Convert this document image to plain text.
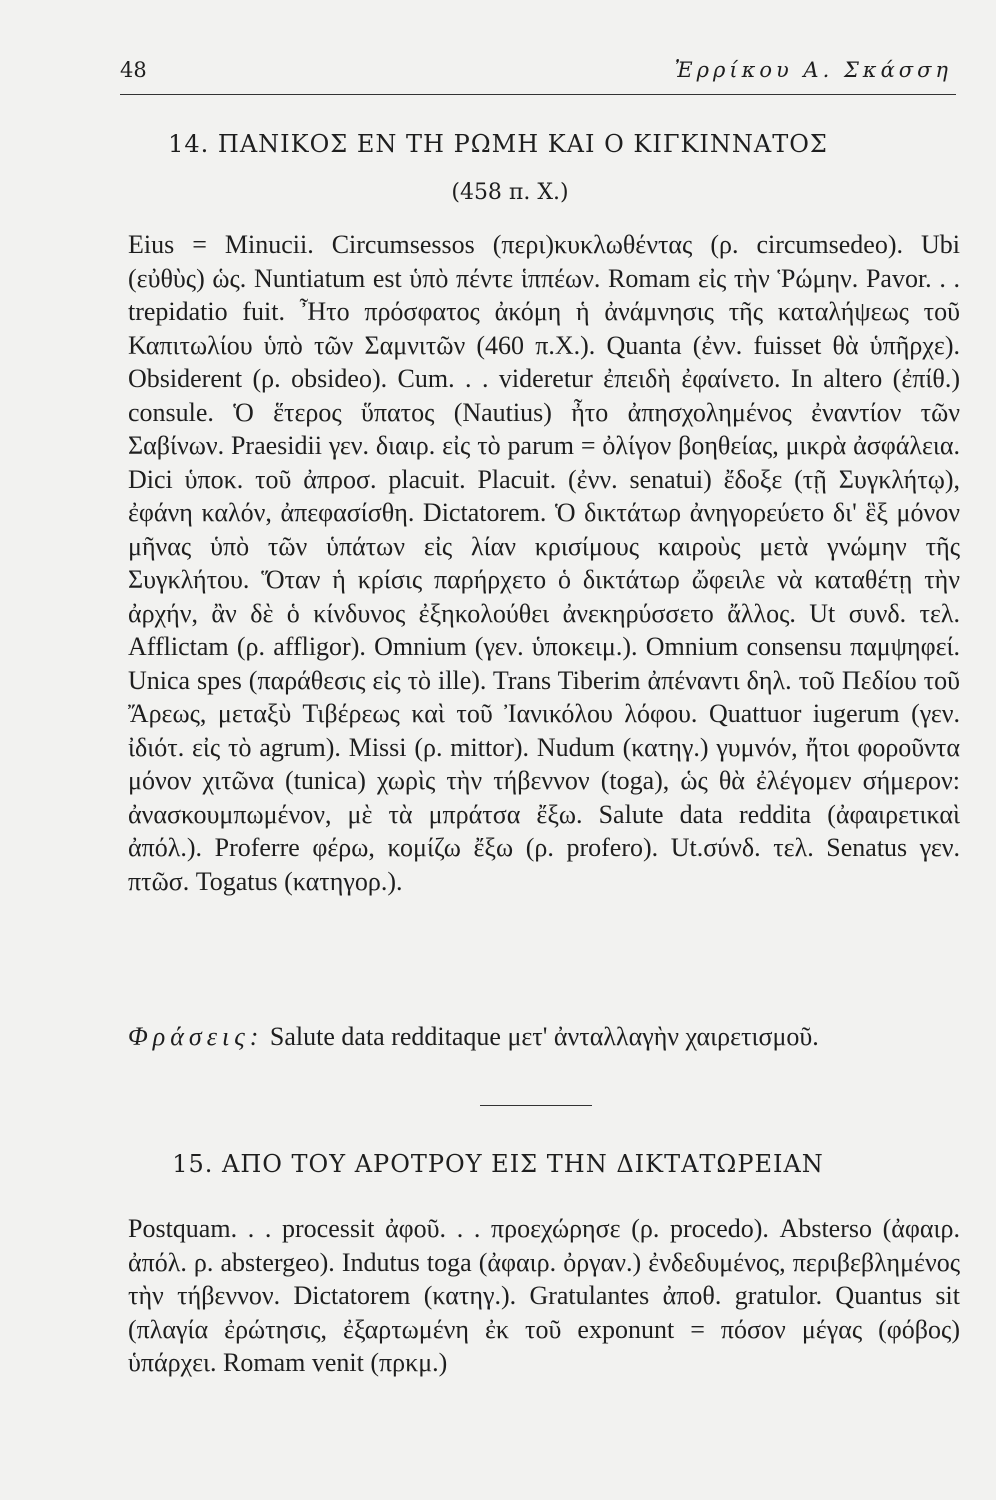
48	Ἐρρίκου Α. Σκάσση
14. ΠΑΝΙΚΟΣ ΕΝ ΤΗ ΡΩΜΗ ΚΑΙ Ο ΚΙΓΚΙΝΝΑΤΟΣ
(458 π. Χ.)

Eius = Minucii. Circumsessos (περι)κυκλωθέντας (ρ. circumsedeo). Ubi (εὐθὺς) ὡς. Nuntiatum est ὑπὸ πέντε ἱππέων. Romam εἰς τὴν Ῥώμην. Pavor. . . trepidatio fuit. Ἦτο πρόσφατος ἀκόμη ἡ ἀνάμνησις τῆς καταλήψεως τοῦ Καπιτωλίου ὑπὸ τῶν Σαμνιτῶν (460 π.Χ.). Quanta (ἐνν. fuisset θὰ ὑπῆρχε). Obsiderent (ρ. obsideo). Cum. . . videretur ἐπειδὴ ἐφαίνετο. In altero (ἐπίθ.) consule. Ὁ ἕτερος ὕπατος (Nautius) ἦτο ἀπησχολημένος ἐναντίον τῶν Σαβίνων. Praesidii γεν. διαιρ. εἰς τὸ parum = ὀλίγον βοηθείας, μικρὰ ἀσφάλεια. Dici ὑποκ. τοῦ ἀπροσ. placuit. Placuit. (ἐνν. senatui) ἔδοξε (τῇ Συγκλήτῳ), ἐφάνη καλόν, ἀπεφασίσθη. Dictatorem. Ὁ δικτάτωρ ἀνηγορεύετο δι' ἓξ μόνον μῆνας ὑπὸ τῶν ὑπάτων εἰς λίαν κρισίμους καιροὺς μετὰ γνώμην τῆς Συγκλήτου. Ὅταν ἡ κρίσις παρήρχετο ὁ δικτάτωρ ὤφειλε νὰ καταθέτῃ τὴν ἀρχήν, ἂν δὲ ὁ κίνδυνος ἐξηκολούθει ἀνεκηρύσσετο ἄλλος. Ut συνδ. τελ. Afflictam (ρ. affligor). Omnium (γεν. ὑποκειμ.). Omnium consensu παμψηφεί. Unica spes (παράθεσις εἰς τὸ ille). Trans Tiberim ἀπέναντι δηλ. τοῦ Πεδίου τοῦ Ἄρεως, μεταξὺ Τιβέρεως καὶ τοῦ Ἰανικόλου λόφου. Quattuor iugerum (γεν. ἰδιότ. εἰς τὸ agrum). Missi (ρ. mittor). Nudum (κατηγ.) γυμνόν, ἤτοι φοροῦντα μόνον χιτῶνα (tunica) χωρὶς τὴν τήβεννον (toga), ὡς θὰ ἐλέγομεν σήμερον: ἀνασκουμπωμένον, μὲ τὰ μπράτσα ἔξω. Salute data reddita (ἀφαιρετικαὶ ἀπόλ.). Proferre φέρω, κομίζω ἔξω (ρ. profero). Ut.σύνδ. τελ. Senatus γεν. πτῶσ. Togatus (κατηγορ.).

Φράσεις: Salute data redditaque μετ' ἀνταλλαγὴν χαιρετισμοῦ.

15. ΑΠΟ ΤΟΥ ΑΡΟΤΡΟΥ ΕΙΣ ΤΗΝ ΔΙΚΤΑΤΩΡΕΙΑΝ

Postquam. . . processit ἀφοῦ. . . προεχώρησε (ρ. procedo). Absterso (ἀφαιρ. ἀπόλ. ρ. abstergeo). Indutus toga (ἀφαιρ. ὀργαν.) ἐνδεδυμένος, περιβεβλημένος τὴν τήβεννον. Dictatorem (κατηγ.). Gratulantes ἀποθ. gratulor. Quantus sit (πλαγία ἐρώτησις, ἐξαρτωμένη ἐκ τοῦ exponunt = πόσον μέγας (φόβος) ὑπάρχει. Romam venit (πρκμ.)
